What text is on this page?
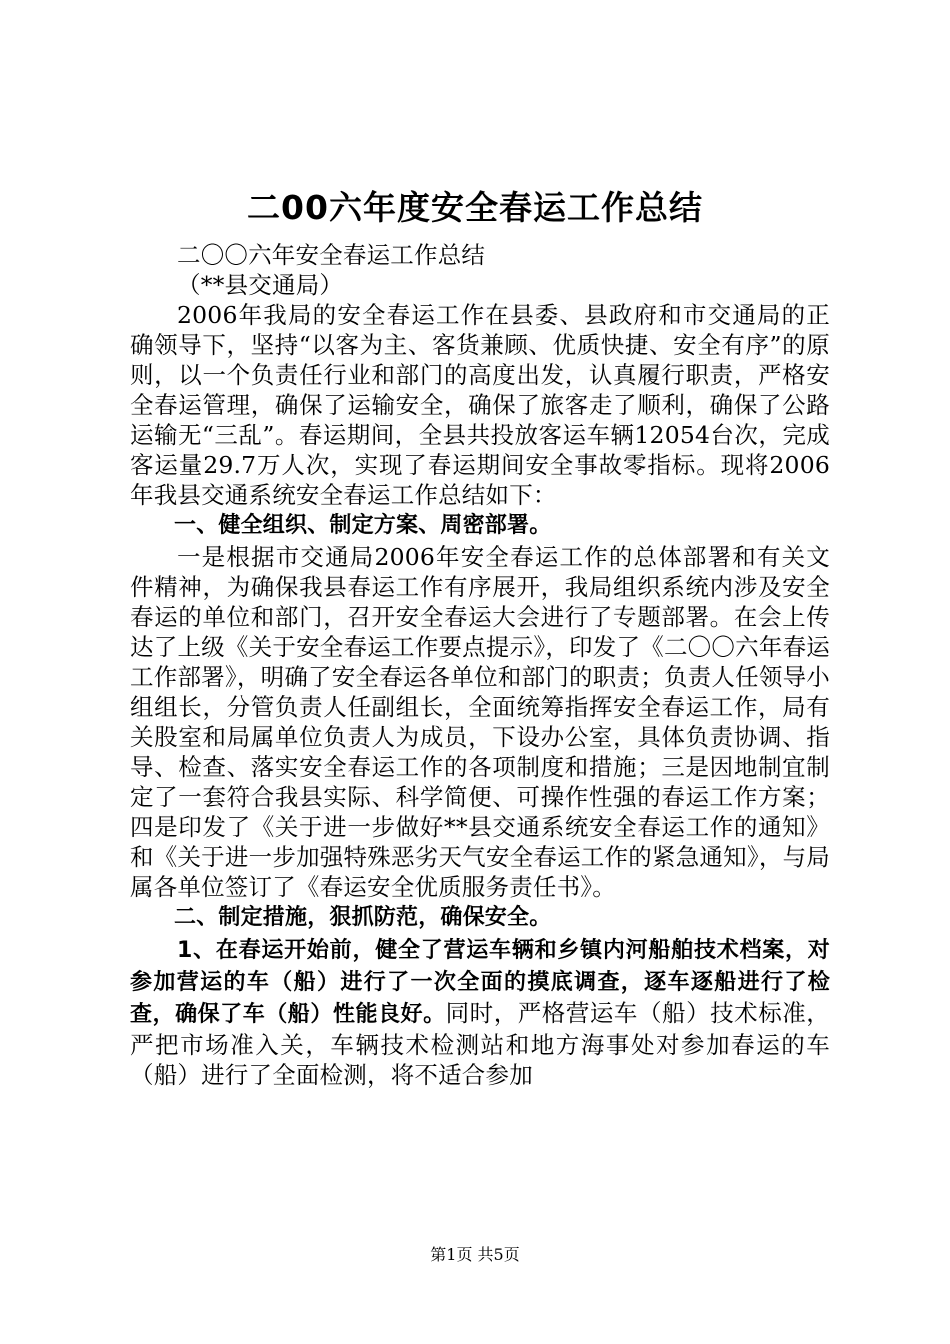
二00六年度安全春运工作总结

二〇〇六年安全春运工作总结

（**县交通局）

2006年我局的安全春运工作在县委、县政府和市交通局的正确领导下，坚持“以客为主、客货兼顾、优质快捷、安全有序”的原则，以一个负责任行业和部门的高度出发，认真履行职责，严格安全春运管理，确保了运输安全，确保了旅客走了顺利，确保了公路运输无“三乱”。春运期间，全县共投放客运车辆12054台次，完成客运量29.7万人次，实现了春运期间安全事故零指标。现将2006年我县交通系统安全春运工作总结如下：

一、健全组织、制定方案、周密部署。

一是根据市交通局2006年安全春运工作的总体部署和有关文件精神，为确保我县春运工作有序展开，我局组织系统内涉及安全春运的单位和部门，召开安全春运大会进行了专题部署。在会上传达了上级《关于安全春运工作要点提示》，印发了《二〇〇六年春运工作部署》，明确了安全春运各单位和部门的职责；负责人任领导小组组长，分管负责人任副组长，全面统筹指挥安全春运工作，局有关股室和局属单位负责人为成员，下设办公室，具体负责协调、指导、检查、落实安全春运工作的各项制度和措施；三是因地制宜制定了一套符合我县实际、科学简便、可操作性强的春运工作方案；四是印发了《关于进一步做好**县交通系统安全春运工作的通知》和《关于进一步加强特殊恶劣天气安全春运工作的紧急通知》，与局属各单位签订了《春运安全优质服务责任书》。

二、制定措施，狠抓防范，确保安全。

1、在春运开始前，健全了营运车辆和乡镇内河船舶技术档案，对参加营运的车（船）进行了一次全面的摸底调查，逐车逐船进行了检查，确保了车（船）性能良好。同时，严格营运车（船）技术标准，严把市场准入关，车辆技术检测站和地方海事处对参加春运的车（船）进行了全面检测，将不适合参加

第1页 共5页
